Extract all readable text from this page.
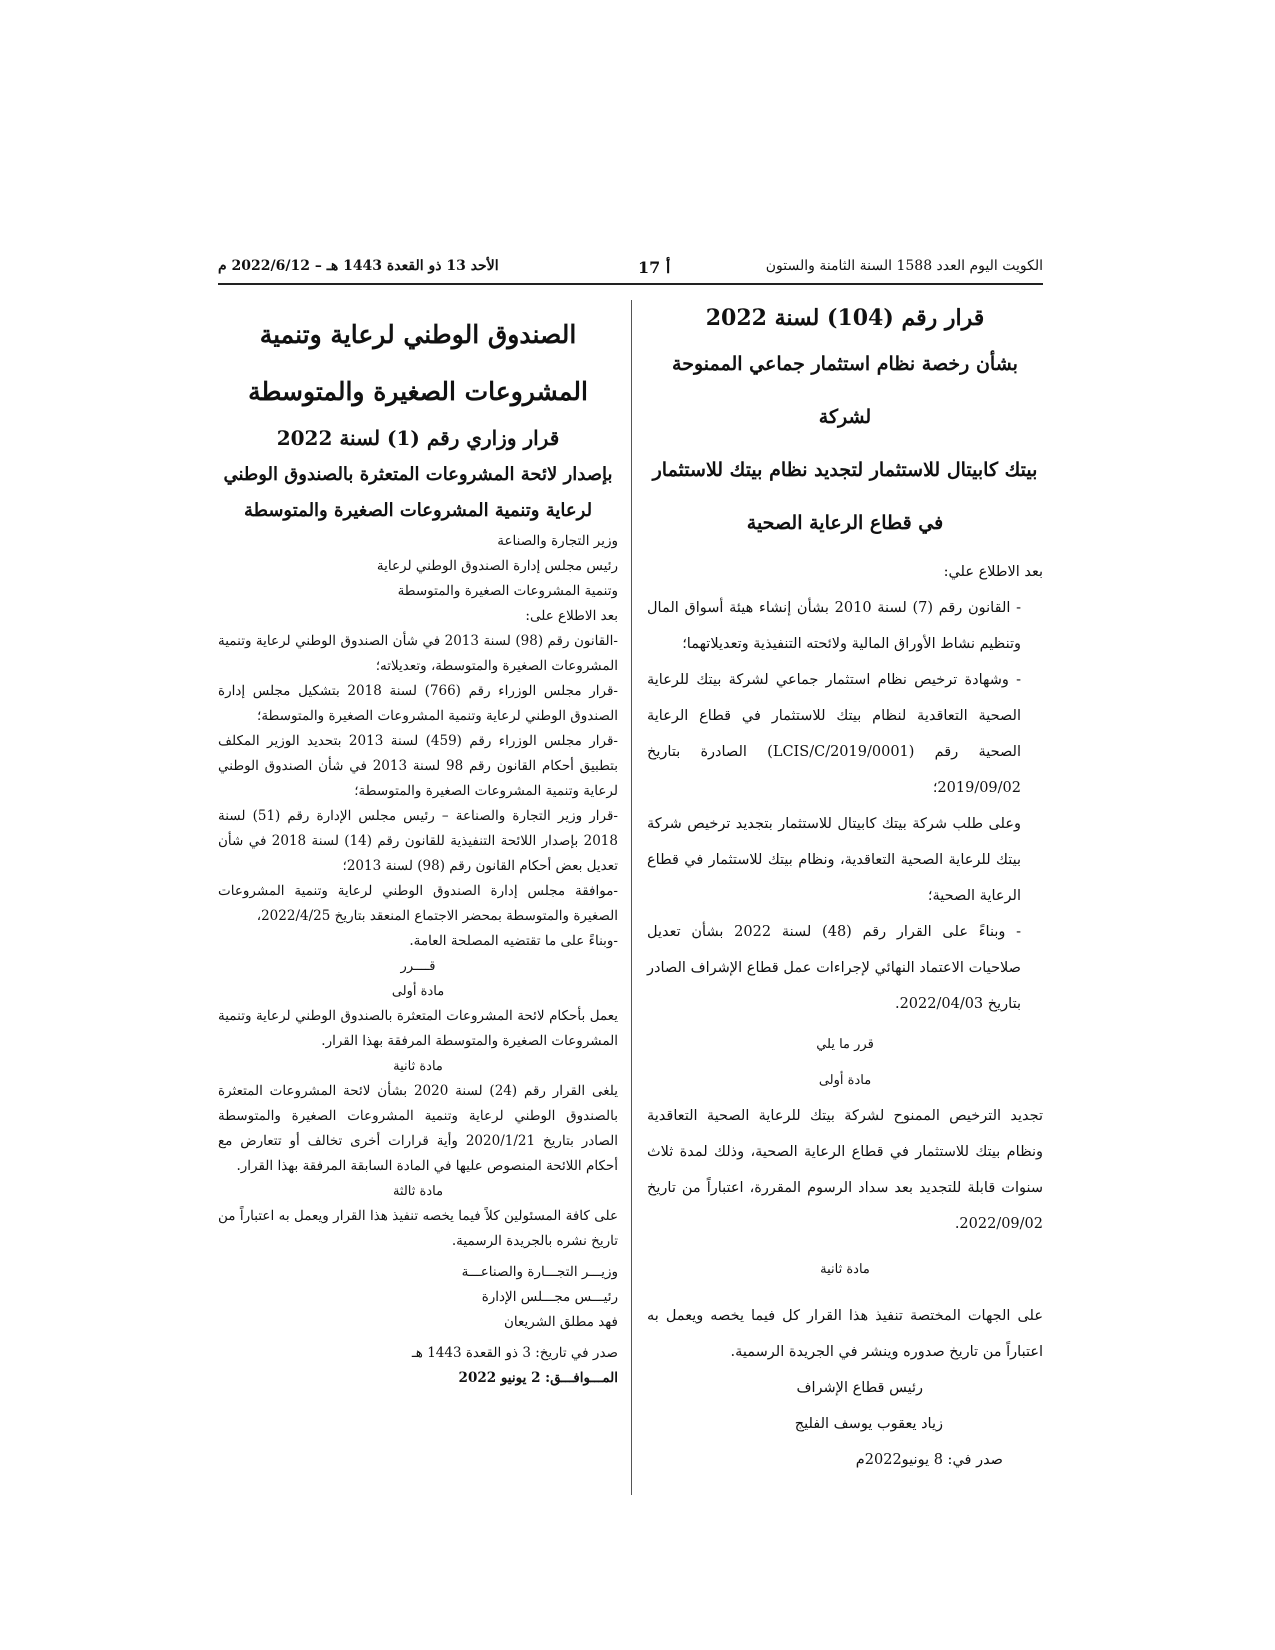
الكويت اليوم العدد 1588 السنة الثامنة والستون
أ 17
الأحد 13 ذو القعدة 1443 هـ – 2022/6/12 م

قرار رقم (104) لسنة 2022

بشأن رخصة نظام استثمار جماعي الممنوحة لشركة

بيتك كابيتال للاستثمار لتجديد نظام بيتك للاستثمار

في قطاع الرعاية الصحية

بعد الاطلاع علي:

- القانون رقم (7) لسنة 2010 بشأن إنشاء هيئة أسواق المال وتنظيم نشاط الأوراق المالية ولائحته التنفيذية وتعديلاتهما؛

- وشهادة ترخيص نظام استثمار جماعي لشركة بيتك للرعاية الصحية التعاقدية لنظام بيتك للاستثمار في قطاع الرعاية الصحية رقم (LCIS/C/2019/0001) الصادرة بتاريخ 2019/09/02؛

وعلى طلب شركة بيتك كابيتال للاستثمار بتجديد ترخيص شركة بيتك للرعاية الصحية التعاقدية، ونظام بيتك للاستثمار في قطاع الرعاية الصحية؛

- وبناءً على القرار رقم (48) لسنة 2022 بشأن تعديل صلاحيات الاعتماد النهائي لإجراءات عمل قطاع الإشراف الصادر بتاريخ 2022/04/03.

قرر ما يلي

مادة أولى

تجديد الترخيص الممنوح لشركة بيتك للرعاية الصحية التعاقدية ونظام بيتك للاستثمار في قطاع الرعاية الصحية، وذلك لمدة ثلاث سنوات قابلة للتجديد بعد سداد الرسوم المقررة، اعتباراً من تاريخ 2022/09/02.

مادة ثانية

على الجهات المختصة تنفيذ هذا القرار كل فيما يخصه ويعمل به اعتباراً من تاريخ صدوره وينشر في الجريدة الرسمية.

رئيس قطاع الإشراف

زياد يعقوب يوسف الفليج

صدر في: 8 يونيو2022م

الصندوق الوطني لرعاية وتنمية

المشروعات الصغيرة والمتوسطة

قرار وزاري رقم (1) لسنة 2022

بإصدار لائحة المشروعات المتعثرة بالصندوق الوطني

لرعاية وتنمية المشروعات الصغيرة والمتوسطة

وزير التجارة والصناعة

رئيس مجلس إدارة الصندوق الوطني لرعاية

وتنمية المشروعات الصغيرة والمتوسطة

بعد الاطلاع على:

-القانون رقم (98) لسنة 2013 في شأن الصندوق الوطني لرعاية وتنمية المشروعات الصغيرة والمتوسطة، وتعديلاته؛

-قرار مجلس الوزراء رقم (766) لسنة 2018 بتشكيل مجلس إدارة الصندوق الوطني لرعاية وتنمية المشروعات الصغيرة والمتوسطة؛

-قرار مجلس الوزراء رقم (459) لسنة 2013 بتحديد الوزير المكلف بتطبيق أحكام القانون رقم 98 لسنة 2013 في شأن الصندوق الوطني لرعاية وتنمية المشروعات الصغيرة والمتوسطة؛

-قرار وزير التجارة والصناعة – رئيس مجلس الإدارة رقم (51) لسنة 2018 بإصدار اللائحة التنفيذية للقانون رقم (14) لسنة 2018 في شأن تعديل بعض أحكام القانون رقم (98) لسنة 2013؛

-موافقة مجلس إدارة الصندوق الوطني لرعاية وتنمية المشروعات الصغيرة والمتوسطة بمحضر الاجتماع المنعقد بتاريخ 2022/4/25،

-وبناءً على ما تقتضيه المصلحة العامة.

قــــرر

مادة أولى

يعمل بأحكام لائحة المشروعات المتعثرة بالصندوق الوطني لرعاية وتنمية المشروعات الصغيرة والمتوسطة المرفقة بهذا القرار.

مادة ثانية

يلغى القرار رقم (24) لسنة 2020 بشأن لائحة المشروعات المتعثرة بالصندوق الوطني لرعاية وتنمية المشروعات الصغيرة والمتوسطة الصادر بتاريخ 2020/1/21 وأية قرارات أخرى تخالف أو تتعارض مع أحكام اللائحة المنصوص عليها في المادة السابقة المرفقة بهذا القرار.

مادة ثالثة

على كافة المسئولين كلاً فيما يخصه تنفيذ هذا القرار ويعمل به اعتباراً من تاريخ نشره بالجريدة الرسمية.

وزيـــر التجـــارة والصناعـــة

رئيـــس مجـــلس الإدارة

فهد مطلق الشريعان

صدر في تاريخ: 3 ذو القعدة 1443 هـ

المـــوافـــق: 2 يونيو 2022
